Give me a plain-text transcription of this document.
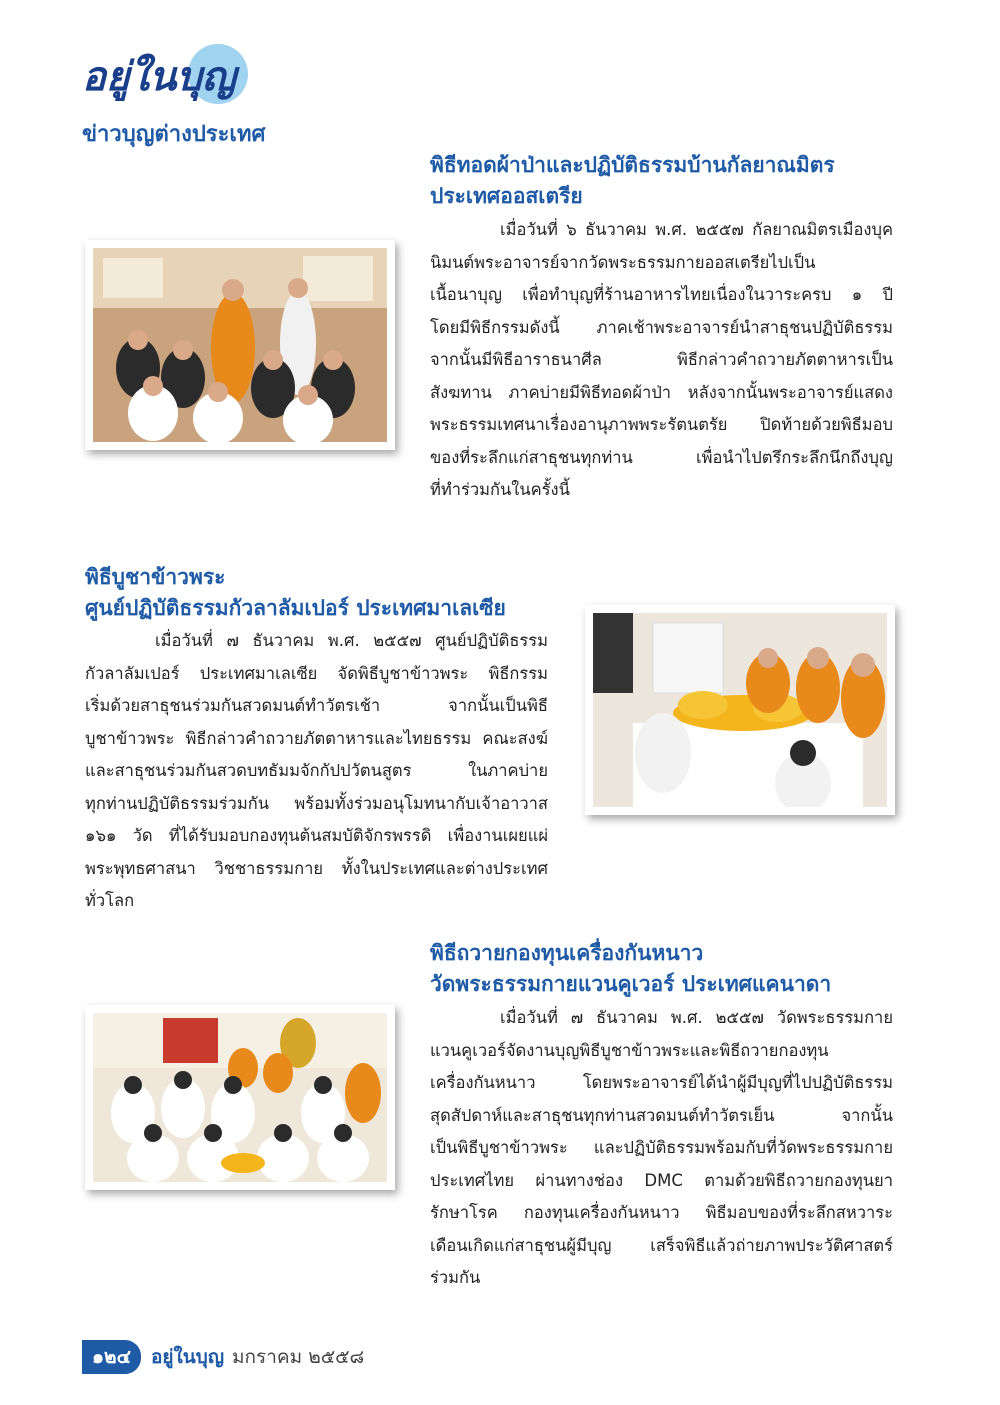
อยู่ในบุญ
ข่าวบุญต่างประเทศ
พิธีทอดผ้าป่าและปฏิบัติธรรมบ้านกัลยาณมิตร
ประเทศออสเตรีย
เมื่อวันที่ ๖ ธันวาคม พ.ศ. ๒๕๕๗ กัลยาณมิตรเมืองบุค
นิมนต์พระอาจารย์จากวัดพระธรรมกายออสเตรียไปเป็น
เนื้อนาบุญ เพื่อทำบุญที่ร้านอาหารไทยเนื่องในวาระครบ ๑ ปี
โดยมีพิธีกรรมดังนี้ ภาคเช้าพระอาจารย์นำสาธุชนปฏิบัติธรรม
จากนั้นมีพิธีอาราธนาศีล พิธีกล่าวคำถวายภัตตาหารเป็น
สังฆทาน ภาคบ่ายมีพิธีทอดผ้าป่า หลังจากนั้นพระอาจารย์แสดง
พระธรรมเทศนาเรื่องอานุภาพพระรัตนตรัย ปิดท้ายด้วยพิธีมอบ
ของที่ระลึกแก่สาธุชนทุกท่าน เพื่อนำไปตรึกระลึกนึกถึงบุญ
ที่ทำร่วมกันในครั้งนี้
พิธีบูชาข้าวพระ
ศูนย์ปฏิบัติธรรมกัวลาลัมเปอร์ ประเทศมาเลเซีย
เมื่อวันที่ ๗ ธันวาคม พ.ศ. ๒๕๕๗ ศูนย์ปฏิบัติธรรม
กัวลาลัมเปอร์ ประเทศมาเลเซีย จัดพิธีบูชาข้าวพระ พิธีกรรม
เริ่มด้วยสาธุชนร่วมกันสวดมนต์ทำวัตรเช้า จากนั้นเป็นพิธี
บูชาข้าวพระ พิธีกล่าวคำถวายภัตตาหารและไทยธรรม คณะสงฆ์
และสาธุชนร่วมกันสวดบทธัมมจักกัปปวัตนสูตร ในภาคบ่าย
ทุกท่านปฏิบัติธรรมร่วมกัน พร้อมทั้งร่วมอนุโมทนากับเจ้าอาวาส
๑๖๑ วัด ที่ได้รับมอบกองทุนต้นสมบัติจักรพรรดิ เพื่องานเผยแผ่
พระพุทธศาสนา วิชชาธรรมกาย ทั้งในประเทศและต่างประเทศ
ทั่วโลก
พิธีถวายกองทุนเครื่องกันหนาว
วัดพระธรรมกายแวนคูเวอร์ ประเทศแคนาดา
เมื่อวันที่ ๗ ธันวาคม พ.ศ. ๒๕๕๗ วัดพระธรรมกาย
แวนคูเวอร์จัดงานบุญพิธีบูชาข้าวพระและพิธีถวายกองทุน
เครื่องกันหนาว โดยพระอาจารย์ได้นำผู้มีบุญที่ไปปฏิบัติธรรม
สุดสัปดาห์และสาธุชนทุกท่านสวดมนต์ทำวัตรเย็น จากนั้น
เป็นพิธีบูชาข้าวพระ และปฏิบัติธรรมพร้อมกับที่วัดพระธรรมกาย
ประเทศไทย ผ่านทางช่อง DMC ตามด้วยพิธีถวายกองทุนยา
รักษาโรค กองทุนเครื่องกันหนาว พิธีมอบของที่ระลึกสหวาระ
เดือนเกิดแก่สาธุชนผู้มีบุญ เสร็จพิธีแล้วถ่ายภาพประวัติศาสตร์
ร่วมกัน
๑๒๔	อยู่ในบุญ มกราคม ๒๕๕๘
